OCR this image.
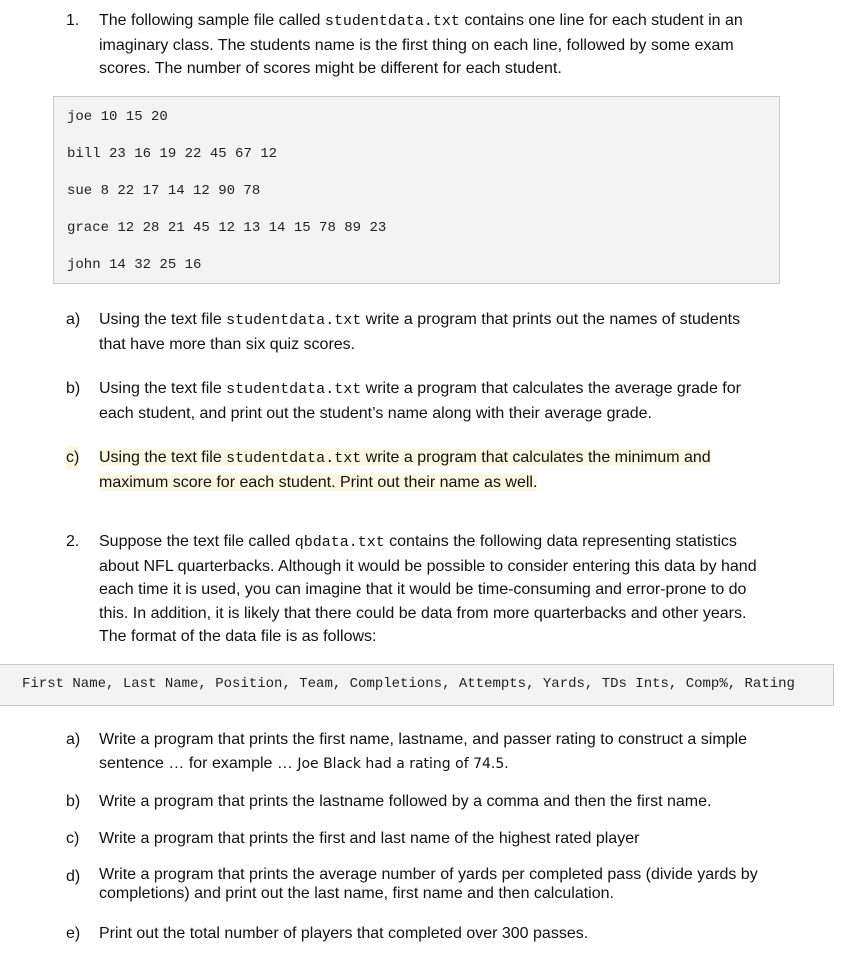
1. The following sample file called studentdata.txt contains one line for each student in an imaginary class. The students name is the first thing on each line, followed by some exam scores. The number of scores might be different for each student.
joe 10 15 20
bill 23 16 19 22 45 67 12
sue 8 22 17 14 12 90 78
grace 12 28 21 45 12 13 14 15 78 89 23
john 14 32 25 16
a) Using the text file studentdata.txt write a program that prints out the names of students that have more than six quiz scores.
b) Using the text file studentdata.txt write a program that calculates the average grade for each student, and print out the student’s name along with their average grade.
c) Using the text file studentdata.txt write a program that calculates the minimum and maximum score for each student. Print out their name as well.
2. Suppose the text file called qbdata.txt contains the following data representing statistics about NFL quarterbacks. Although it would be possible to consider entering this data by hand each time it is used, you can imagine that it would be time-consuming and error-prone to do this. In addition, it is likely that there could be data from more quarterbacks and other years. The format of the data file is as follows:
First Name, Last Name, Position, Team, Completions, Attempts, Yards, TDs Ints, Comp%, Rating
a) Write a program that prints the first name, lastname, and passer rating to construct a simple sentence … for example … Joe Black had a rating of 74.5.
b) Write a program that prints the lastname followed by a comma and then the first name.
c) Write a program that prints the first and last name of the highest rated player
d) Write a program that prints the average number of yards per completed pass (divide yards by completions) and print out the last name, first name and then calculation.
e) Print out the total number of players that completed over 300 passes.
